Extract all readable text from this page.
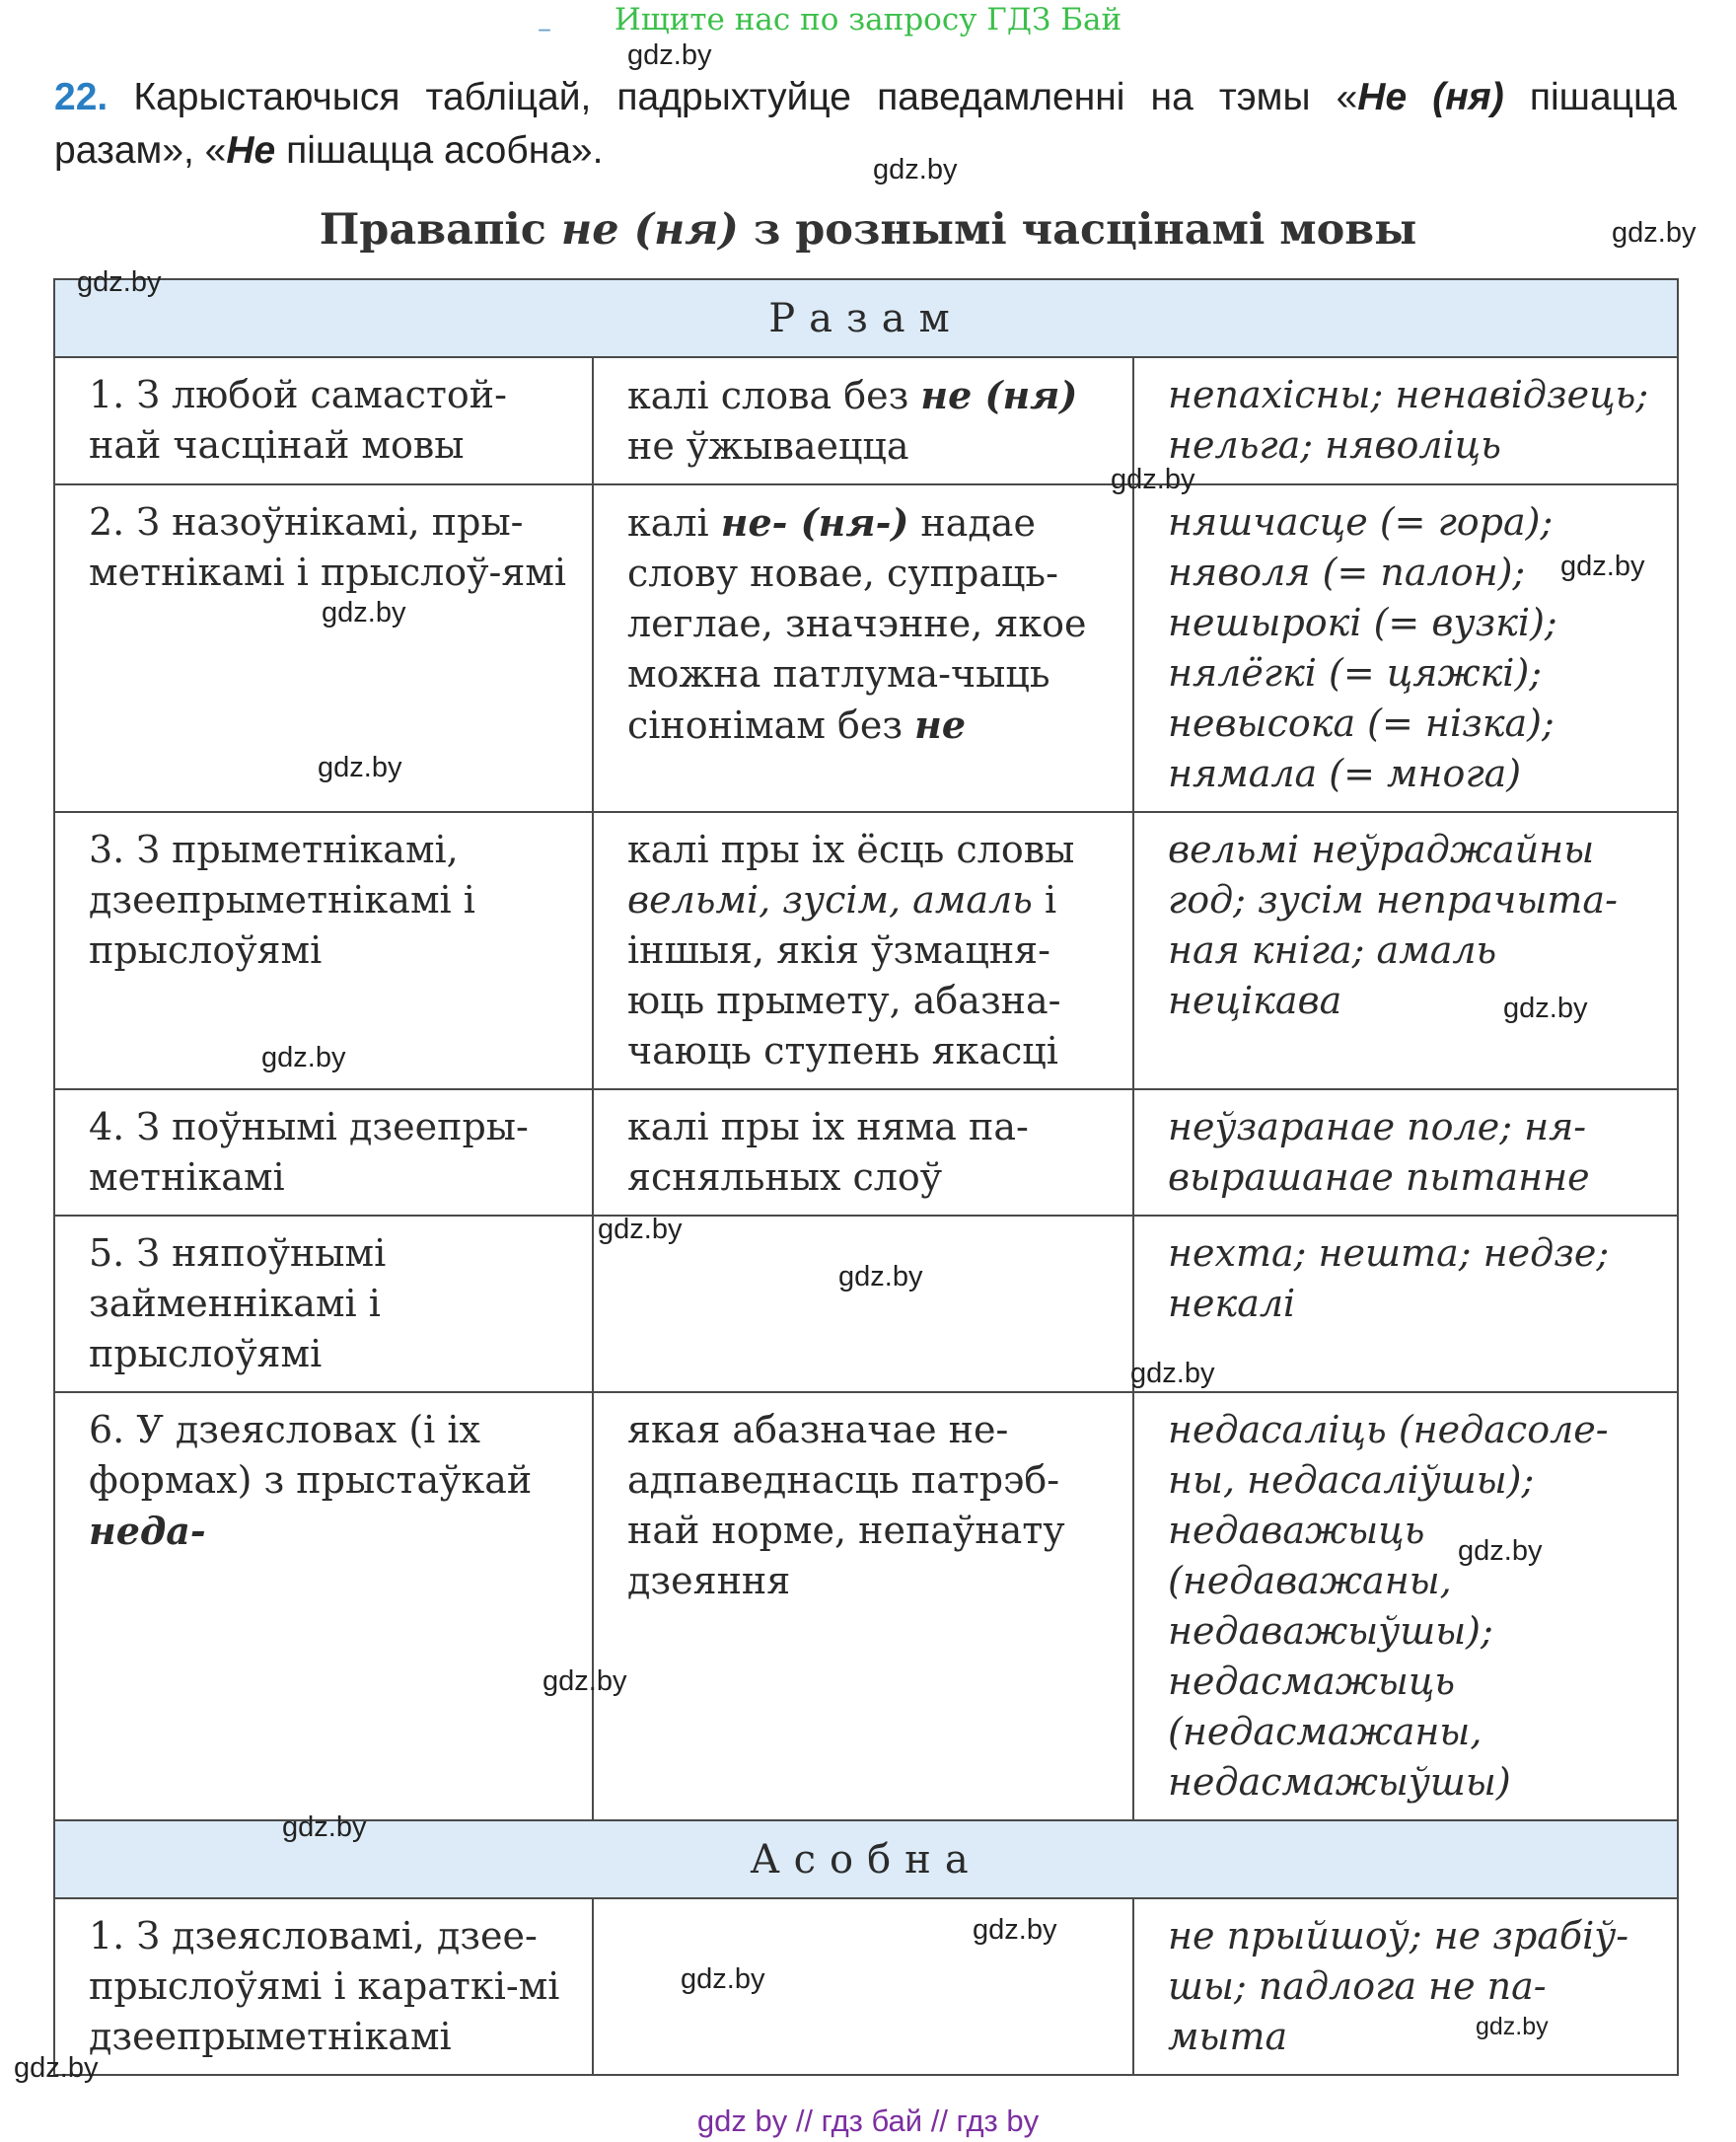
Ищите нас по запросу ГДЗ Бай
–
22. Карыстаючыся табліцай, падрыхтуйце паведамленні на тэмы «Не (ня) пішацца разам», «Не пішацца асобна».
Правапіс не (ня) з рознымі часцінамі мовы
Разам		
1. З любой самастой-най часцінай мовы	калі слова без не (ня) не ўжываецца	непахісны; ненавідзець; нельга; няволіць
2. З назоўнікамі, пры-метнікамі і прыслоў-ямі	калі не- (ня-) надае слову новае, супраць-леглае, значэнне, якое можна патлума-чыць сінонімам без не	няшчасце (= гора); няволя (= палон); нешырокі (= вузкі); нялёгкі (= цяжкі); невысока (= нізка); нямала (= многа)
3. З прыметнікамі, дзеепрыметнікамі і прыслоўямі	калі пры іх ёсць словы вельмі, зусім, амаль і іншыя, якія ўзмацня-юць прымету, абазна-чаюць ступень якасці	вельмі неўраджайны год; зусім непрачыта-ная кніга; амаль нецікава
4. З поўнымі дзеепры-метнікамі	калі пры іх няма па-ясняльных слоў	неўзаранае поле; ня-вырашанае пытанне
5. З няпоўнымі займеннікамі і прыслоўямі		нехта; нешта; недзе; некалі
6. У дзеясловах (і іх формах) з прыстаўкай неда-	якая абазначае не-адпаведнасць патрэб-най норме, непаўнату дзеяння	недасаліць (недасоле-ны, недасаліўшы); недаважыць (недаважаны, недаважыўшы); недасмажыць (недасмажаны, недасмажыўшы)
Асобна		
1. З дзеясловамі, дзее-прыслоўямі і караткі-мі дзеепрыметнікамі		не прыйшоў; не зрабіў-шы; падлога не па-мыта
gdz.by
gdz.by
gdz.by
gdz.by
gdz.by
gdz.by
gdz.by
gdz.by
gdz.by
gdz.by
gdz.by
gdz.by
gdz.by
gdz.by
gdz.by
gdz.by
gdz.by
gdz.by
gdz.by
gdz.by
gdz by // гдз бай // гдз by
